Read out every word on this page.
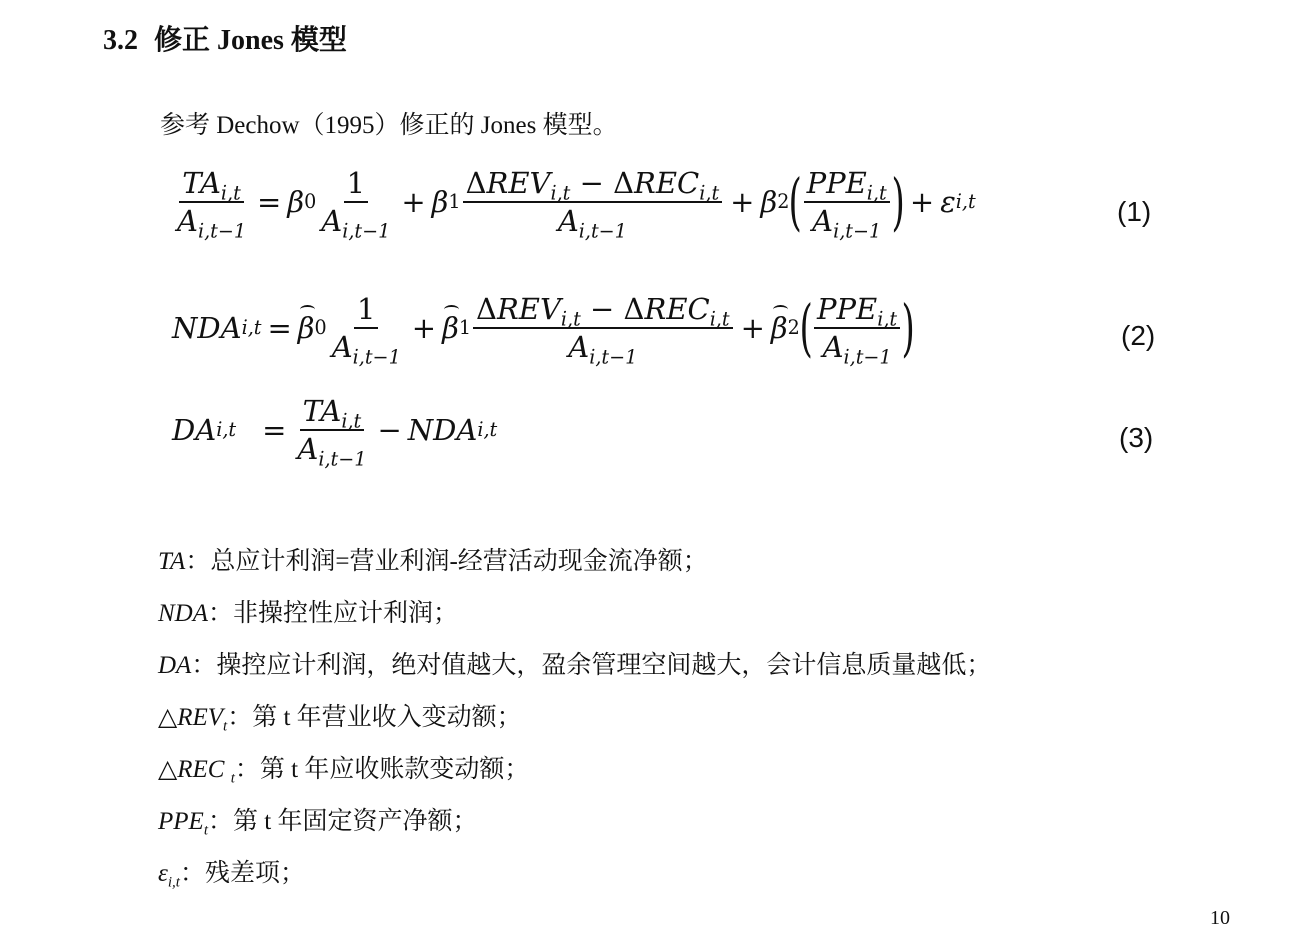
3.2 修正 Jones 模型
参考 Dechow（1995）修正的 Jones 模型。
$\frac{TA_{i,t}}{A_{i,t-1}} = \beta$ $0 \frac{1}{A_{i,t-1}} + \beta$ $1 \frac{\Delta REV_{i,t} - \Delta REC_{i,t}}{A_{i,t-1}} + \beta$ 2 ( $\frac{PPE_{i,t}}{A_{i,t-1}}$ ) + ε i,t	(1)
NDA i,t = β $0 \frac{1}{A_{i,t-1}} + \beta$ $1 \frac{\Delta REV_{i,t} - \Delta REC_{i,t}}{A_{i,t-1}} + \beta$ 2 ( $\frac{PPE_{i,t}}{A_{i,t-1}}$ )	(2)
DA $i,t = \frac{TA_{i,t}}{A_{i,t-1}}$ − NDA i,t	(3)
TA：总应计利润=营业利润-经营活动现金流净额；
NDA：非操控性应计利润；
DA：操控应计利润，绝对值越大，盈余管理空间越大，会计信息质量越低；
$\triangle REV_t$：第 t 年营业收入变动额；
△REC $_t$：第 t 年应收账款变动额；
$PPE_t$：第 t 年固定资产净额；
$\varepsilon_{i,t}$：残差项；
10
